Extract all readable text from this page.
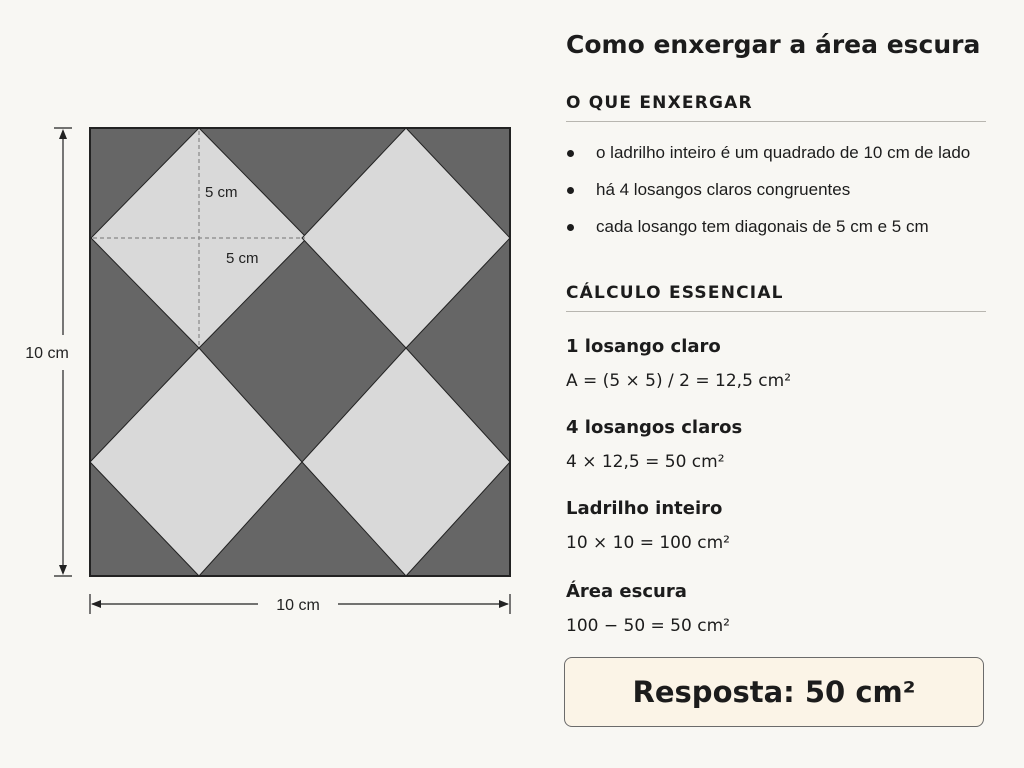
5 cm
5 cm
10 cm
10 cm
Como enxergar a área escura
O QUE ENXERGAR
o ladrilho inteiro é um quadrado de 10 cm de lado
há 4 losangos claros congruentes
cada losango tem diagonais de 5 cm e 5 cm
CÁLCULO ESSENCIAL
1 losango claro
A = (5 × 5) / 2 = 12,5 cm²
4 losangos claros
4 × 12,5 = 50 cm²
Ladrilho inteiro
10 × 10 = 100 cm²
Área escura
100 − 50 = 50 cm²
Resposta: 50 cm²
